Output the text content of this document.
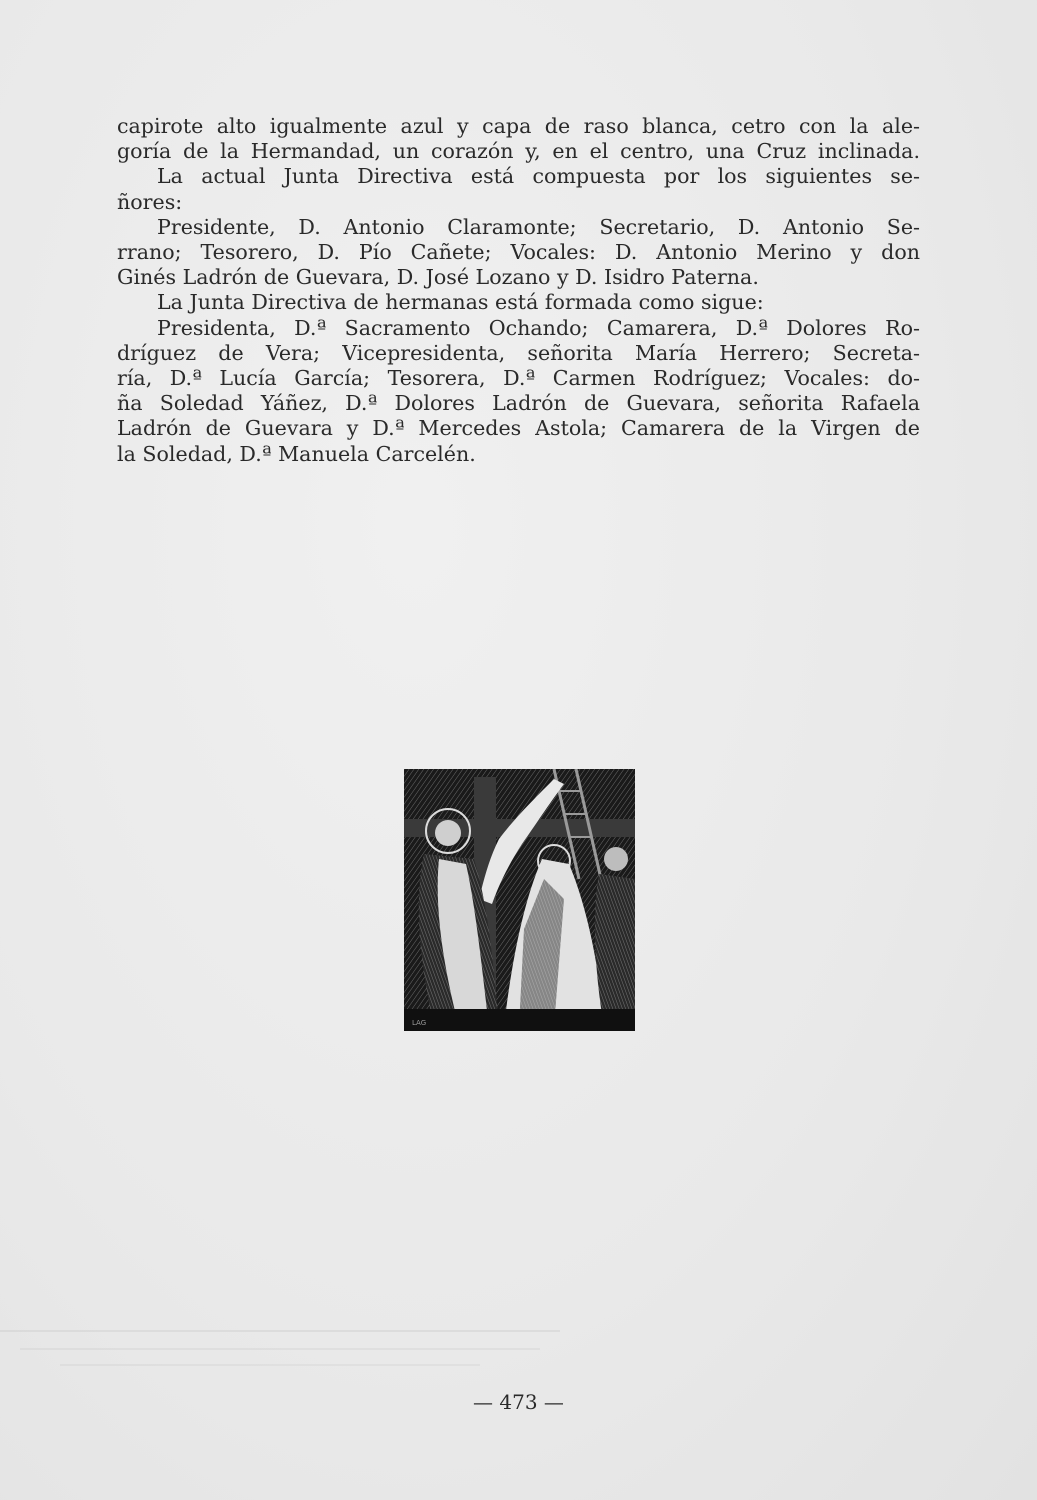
capirote alto igualmente azul y capa de raso blanca, cetro con la ale-
goría de la Hermandad, un corazón y, en el centro, una Cruz inclinada.
La actual Junta Directiva está compuesta por los siguientes se-
ñores:
Presidente, D. Antonio Claramonte; Secretario, D. Antonio Se-
rrano; Tesorero, D. Pío Cañete; Vocales: D. Antonio Merino y don
Ginés Ladrón de Guevara, D. José Lozano y D. Isidro Paterna.
La Junta Directiva de hermanas está formada como sigue:
Presidenta, D.ª Sacramento Ochando; Camarera, D.ª Dolores Ro-
dríguez de Vera; Vicepresidenta, señorita María Herrero; Secreta-
ría, D.ª Lucía García; Tesorera, D.ª Carmen Rodríguez; Vocales: do-
ña Soledad Yáñez, D.ª Dolores Ladrón de Guevara, señorita Rafaela
Ladrón de Guevara y D.ª Mercedes Astola; Camarera de la Virgen de
la Soledad, D.ª Manuela Carcelén.
LAG
— 473 —
